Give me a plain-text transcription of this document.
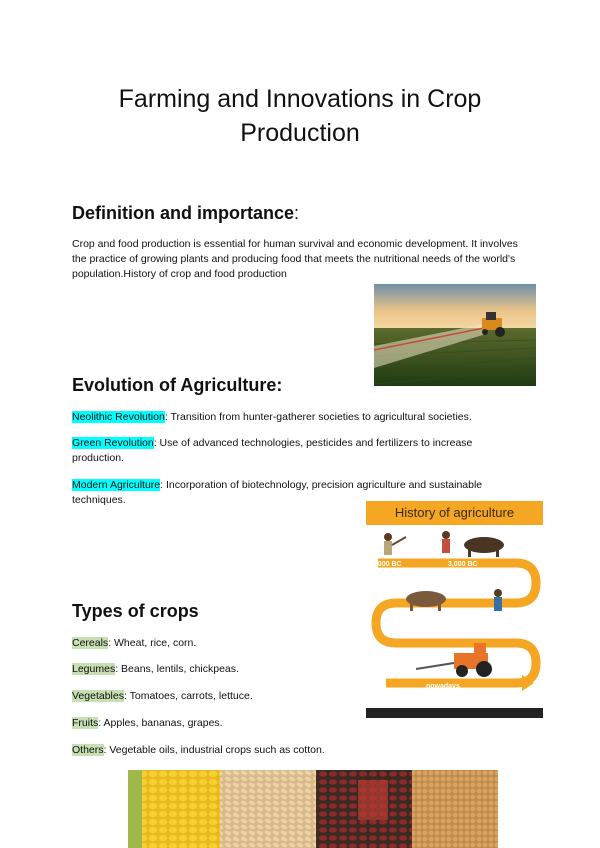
Farming and Innovations in Crop Production
Definition and importance:

Crop and food production is essential for human survival and economic development. It involves the practice of growing plants and producing food that meets the nutritional needs of the world's population.History of crop and food production

Evolution of Agriculture:

Neolithic Revolution: Transition from hunter-gatherer societies to agricultural societies.

Green Revolution: Use of advanced technologies, pesticides and fertilizers to increase production.

Modern Agriculture: Incorporation of biotechnology, precision agriculture and sustainable techniques.

History of agriculture
8,000 BC	3,000 BC
1830
nowadays
Types of crops

Cereals: Wheat, rice, corn.

Legumes: Beans, lentils, chickpeas.

Vegetables: Tomatoes, carrots, lettuce.

Fruits: Apples, bananas, grapes.

Others: Vegetable oils, industrial crops such as cotton.
